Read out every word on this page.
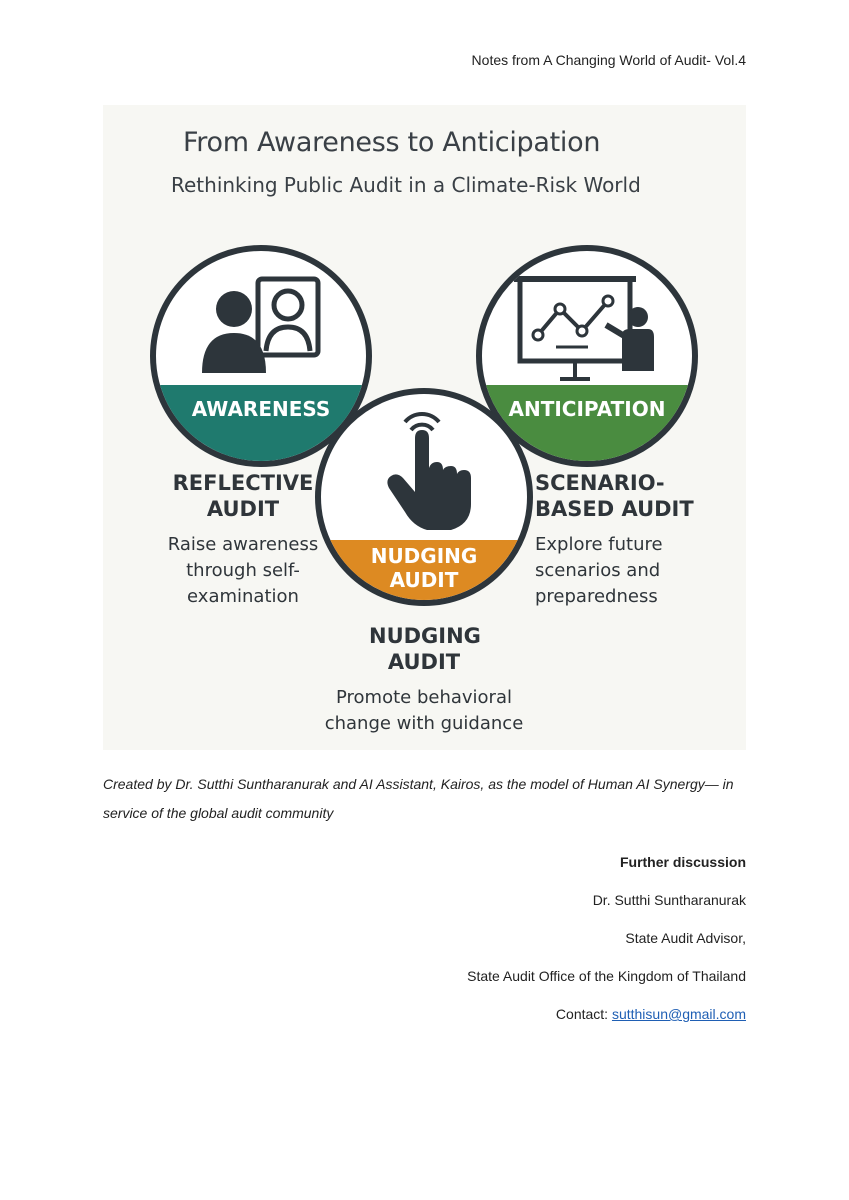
Notes from A Changing World of Audit- Vol.4
From Awareness to Anticipation
Rethinking Public Audit in a Climate-Risk World
AWARENESS	ANTICIPATION
NUDGING AUDIT
REFLECTIVE AUDIT
Raise awareness through self-examination
SCENARIO-BASED AUDIT
Explore future scenarios and preparedness
NUDGING AUDIT
Promote behavioral change with guidance
Created by Dr. Sutthi Suntharanurak and AI Assistant, Kairos, as the model of Human AI Synergy— in service of the global audit community
Further discussion
Dr. Sutthi Suntharanurak
State Audit Advisor,
State Audit Office of the Kingdom of Thailand
Contact: sutthisun@gmail.com
